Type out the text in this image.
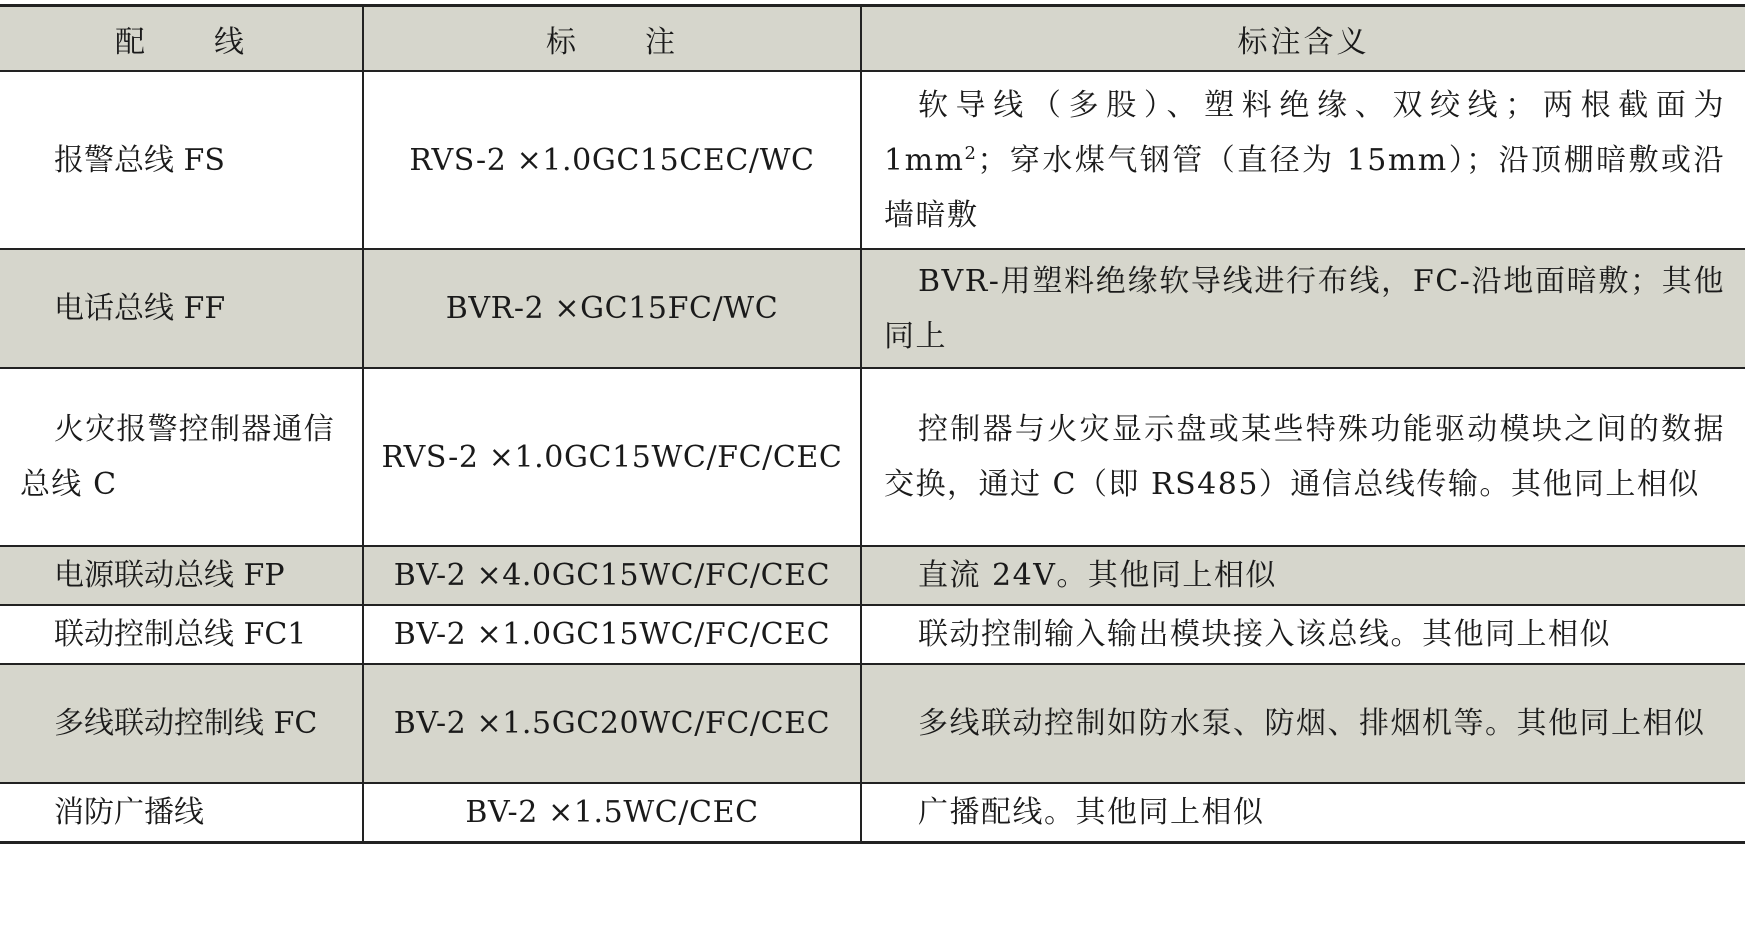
配　　线	标　　注	标注含义
报警总线 FS	RVS-2 ×1.0GC15CEC/WC	软导线（多股）、塑料绝缘、双绞线；两根截面为 $1mm^2$；穿水煤气钢管（直径为 15mm）；沿顶棚暗敷或沿墙暗敷
电话总线 FF	BVR-2 ×GC15FC/WC	BVR-用塑料绝缘软导线进行布线，FC-沿地面暗敷；其他同上
火灾报警控制器通信总线 C	RVS-2 ×1.0GC15WC/FC/CEC	控制器与火灾显示盘或某些特殊功能驱动模块之间的数据交换，通过 C（即 RS485）通信总线传输。其他同上相似
电源联动总线 FP	BV-2 ×4.0GC15WC/FC/CEC	直流 24V。其他同上相似
联动控制总线 FC1	BV-2 ×1.0GC15WC/FC/CEC	联动控制输入输出模块接入该总线。其他同上相似
多线联动控制线 FC	BV-2 ×1.5GC20WC/FC/CEC	多线联动控制如防水泵、防烟、排烟机等。其他同上相似
消防广播线	BV-2 ×1.5WC/CEC	广播配线。其他同上相似
